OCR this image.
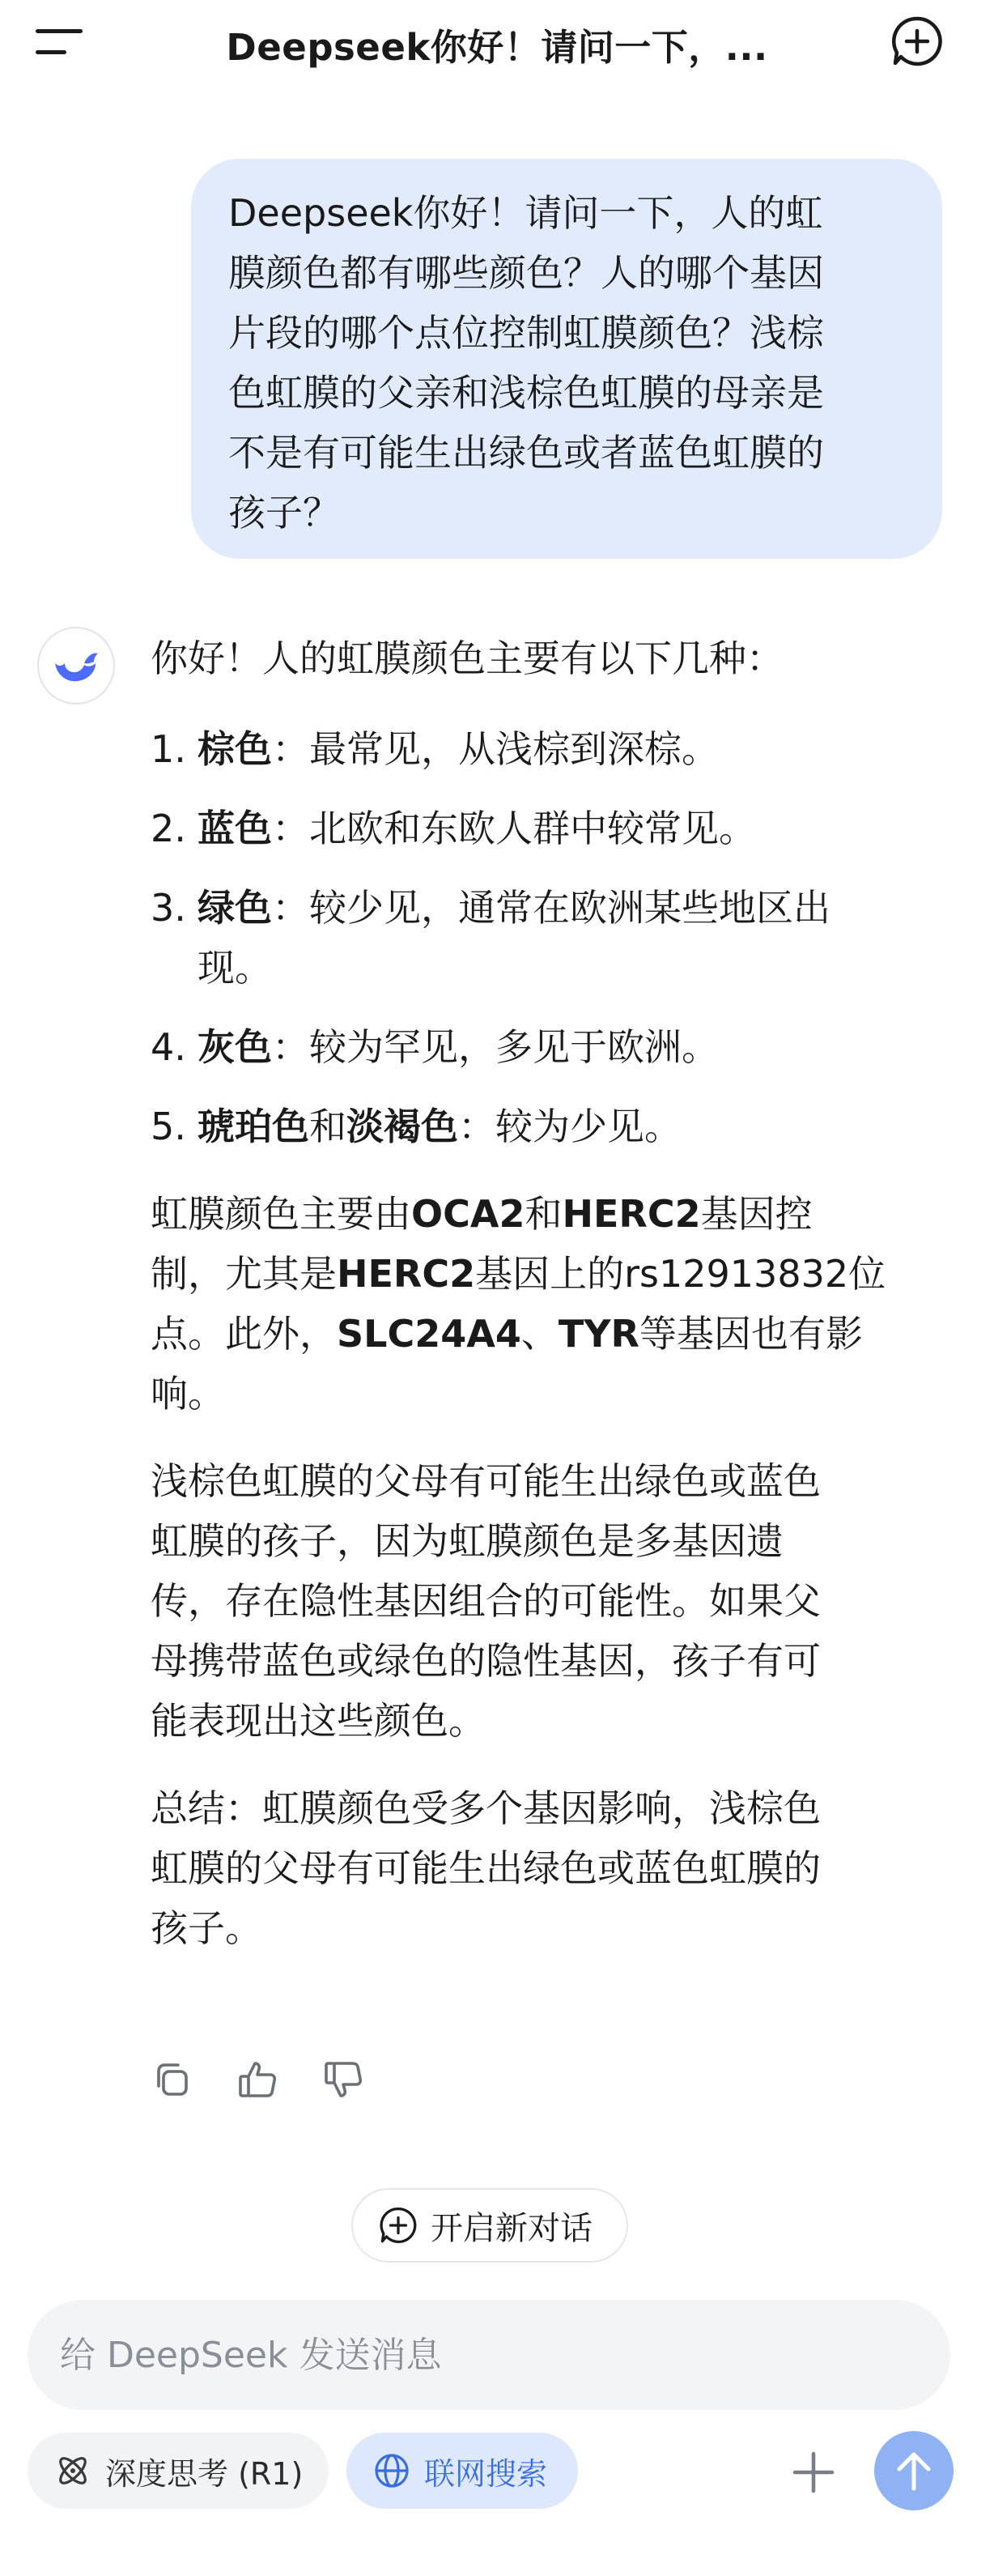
Deepseek你好！请问一下，...
Deepseek你好！请问一下，人的虹
膜颜色都有哪些颜色？人的哪个基因
片段的哪个点位控制虹膜颜色？浅棕
色虹膜的父亲和浅棕色虹膜的母亲是
不是有可能生出绿色或者蓝色虹膜的
孩子？
你好！人的虹膜颜色主要有以下几种：
1. 棕色：最常见，从浅棕到深棕。
2. 蓝色：北欧和东欧人群中较常见。
3. 绿色：较少见，通常在欧洲某些地区出
现。
4. 灰色：较为罕见，多见于欧洲。
5. 琥珀色和淡褐色：较为少见。
虹膜颜色主要由OCA2和HERC2基因控
制，尤其是HERC2基因上的rs12913832位
点。此外，SLC24A4、TYR等基因也有影
响。
浅棕色虹膜的父母有可能生出绿色或蓝色
虹膜的孩子，因为虹膜颜色是多基因遗
传，存在隐性基因组合的可能性。如果父
母携带蓝色或绿色的隐性基因，孩子有可
能表现出这些颜色。
总结：虹膜颜色受多个基因影响，浅棕色
虹膜的父母有可能生出绿色或蓝色虹膜的
孩子。
开启新对话
给 DeepSeek 发送消息
深度思考 (R1)	联网搜索
